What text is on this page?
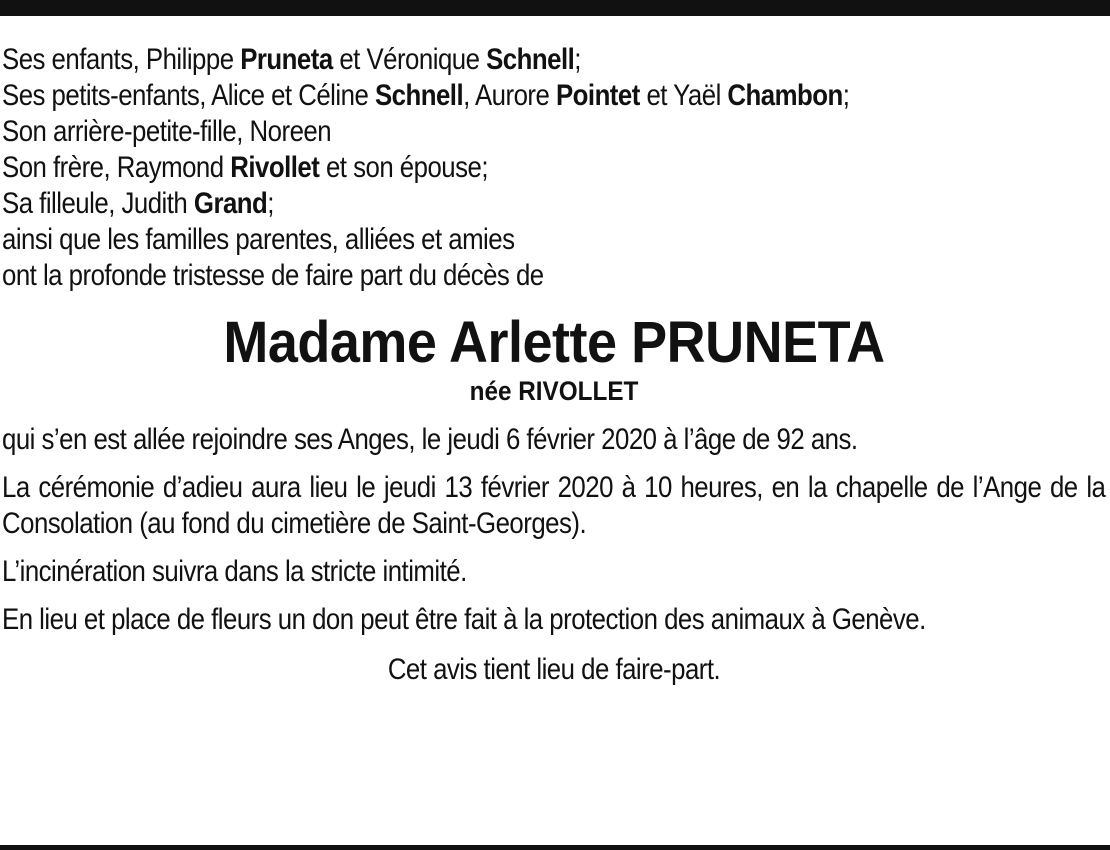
Ses enfants, Philippe Pruneta et Véronique Schnell;
Ses petits-enfants, Alice et Céline Schnell, Aurore Pointet et Yaël Chambon;
Son arrière-petite-fille, Noreen
Son frère, Raymond Rivollet et son épouse;
Sa filleule, Judith Grand;
ainsi que les familles parentes, alliées et amies
ont la profonde tristesse de faire part du décès de
Madame Arlette PRUNETA
née RIVOLLET
qui s’en est allée rejoindre ses Anges, le jeudi 6 février 2020 à l’âge de 92 ans.
La cérémonie d’adieu aura lieu le jeudi 13 février 2020 à 10 heures, en la chapelle de l’Ange de la Consolation (au fond du cimetière de Saint-Georges).
L’incinération suivra dans la stricte intimité.
En lieu et place de fleurs un don peut être fait à la protection des animaux à Genève.
Cet avis tient lieu de faire-part.
